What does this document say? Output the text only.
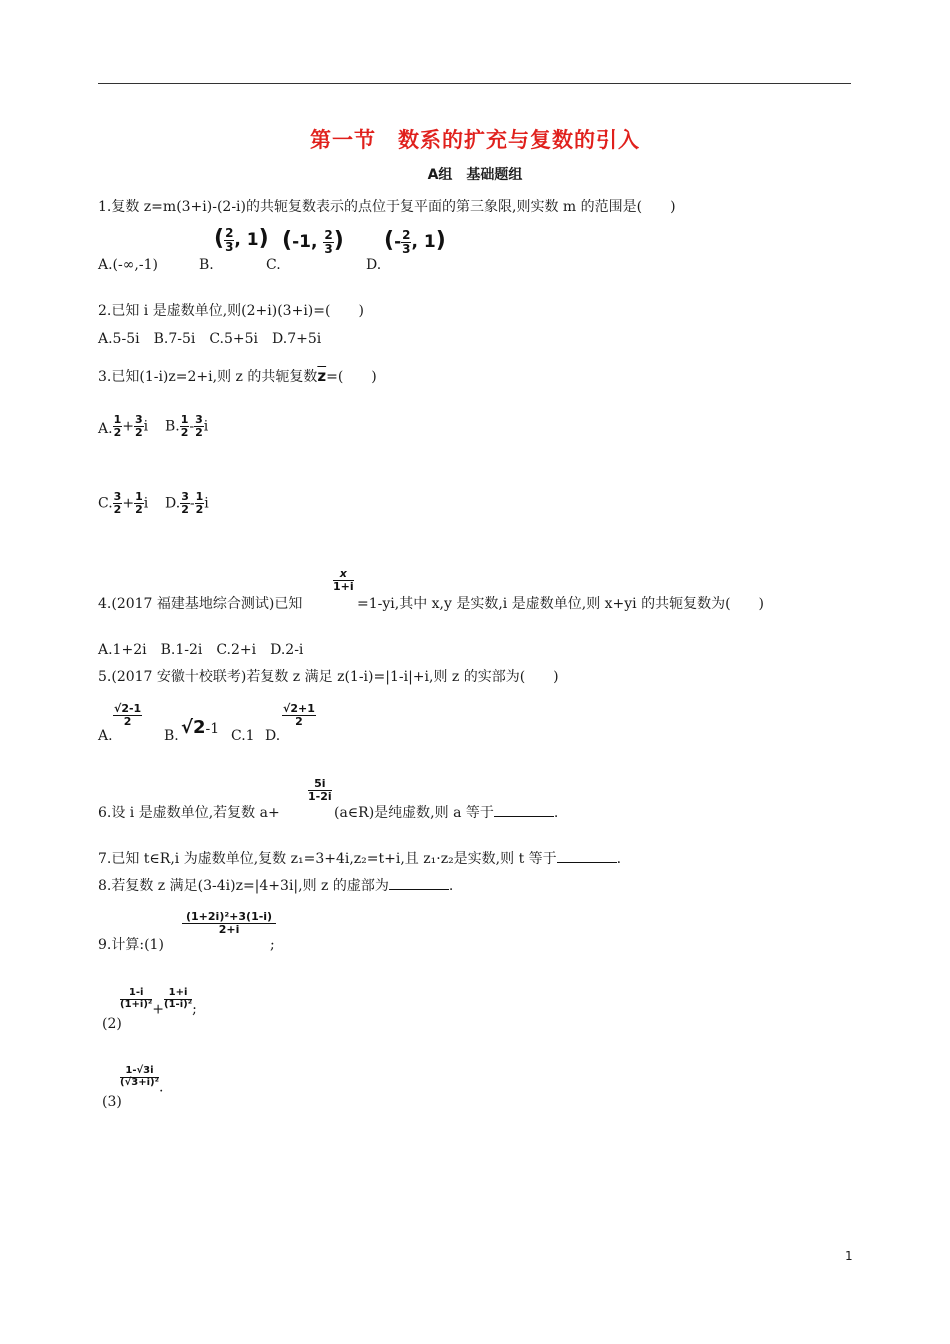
第一节 数系的扩充与复数的引入
A组 基础题组
1.复数 z=m(3+i)-(2-i)的共轭复数表示的点位于复平面的第三象限,则实数 m 的范围是(　　)
A.(-∞,-1)	B.
( $\frac{2}{3}$ , 1)
C.
(-1, $\frac{2}{3}$ )
D.
(- $\frac{2}{3}$ , 1)
2.已知 i 是虚数单位,则(2+i)(3+i)=(　　)
A.5-5i　B.7-5i　C.5+5i　D.7+5i
3.已知(1-i)z=2+i,则 z 的共轭复数$\overline{z}=$(　　)
A. $\frac{1}{2} + \frac{3}{2}$ i B. $\frac{1}{2} - \frac{3}{2}$ i
C. $\frac{3}{2} + \frac{1}{2}$ i D. $\frac{3}{2} - \frac{1}{2}$ i
4.(2017 福建基地综合测试)已知
$\frac{x}{1+i}$
=1-yi,其中 x,y 是实数,i 是虚数单位,则 x+yi 的共轭复数为(　　)
A.1+2i　B.1-2i　C.2+i　D.2-i
5.(2017 安徽十校联考)若复数 z 满足 z(1-i)=|1-i|+i,则 z 的实部为(　　)
A.
$\frac{√2-1}{2}$
B. √2-1 C.1 D.
$\frac{√2+1}{2}$
6.设 i 是虚数单位,若复数 a+
$\frac{5i}{1-2i}$
(a∈R)是纯虚数,则 a 等于	.
7.已知 t∈R,i 为虚数单位,复数 z₁=3+4i,z₂=t+i,且 z₁·z₂是实数,则 t 等于	.
8.若复数 z 满足(3-4i)z=|4+3i|,则 z 的虚部为	.
9.计算:(1)
$\frac{\text{(1+2i)²+3(1-i)}}{2+i}$
;
(2)
$\frac{1-i}{\text{(1+i)²}} + \frac{1+i}{\text{(1-i)²}}$ ;
(3)
$\frac{1-√3i}{\text{(√3+i)²}}$ .
1
